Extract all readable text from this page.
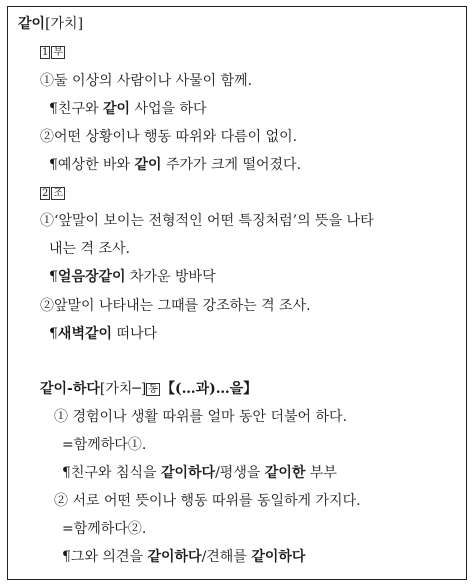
같이[가치]
1 부
①둘 이상의 사람이나 사물이 함께.
¶친구와 같이 사업을 하다
②어떤 상황이나 행동 따위와 다름이 없이.
¶예상한 바와 같이 주가가 크게 떨어졌다.
2 조
①‘앞말이 보이는 전형적인 어떤 특징처럼’의 뜻을 나타
내는 격 조사.
¶얼음장같이 차가운 방바닥
②앞말이 나타내는 그때를 강조하는 격 조사.
¶새벽같이 떠나다
같이-하다[가치─] 동 【(…과)…을】
① 경험이나 생활 따위를 얼마 동안 더불어 하다.
=함께하다①.
¶친구와 침식을 같이하다/평생을 같이한 부부
② 서로 어떤 뜻이나 행동 따위를 동일하게 가지다.
=함께하다②.
¶그와 의견을 같이하다/견해를 같이하다
